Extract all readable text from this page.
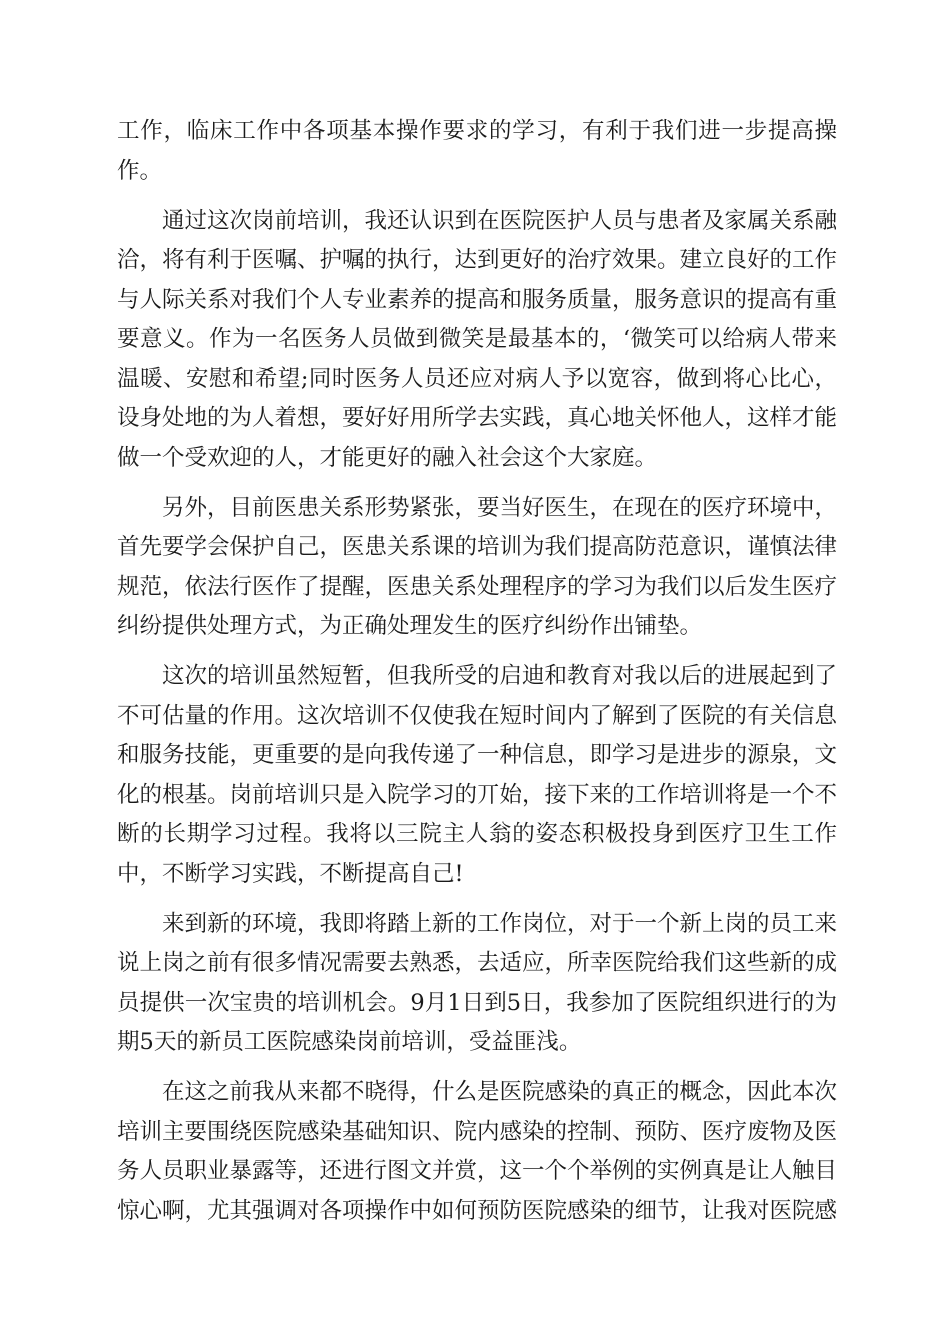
工作，临床工作中各项基本操作要求的学习，有利于我们进一步提高操作。

通过这次岗前培训，我还认识到在医院医护人员与患者及家属关系融洽，将有利于医嘱、护嘱的执行，达到更好的治疗效果。建立良好的工作与人际关系对我们个人专业素养的提高和服务质量，服务意识的提高有重要意义。作为一名医务人员做到微笑是最基本的，‘微笑可以给病人带来温暖、安慰和希望;同时医务人员还应对病人予以宽容，做到将心比心，设身处地的为人着想，要好好用所学去实践，真心地关怀他人，这样才能做一个受欢迎的人，才能更好的融入社会这个大家庭。

另外，目前医患关系形势紧张，要当好医生，在现在的医疗环境中，首先要学会保护自己，医患关系课的培训为我们提高防范意识，谨慎法律规范，依法行医作了提醒，医患关系处理程序的学习为我们以后发生医疗纠纷提供处理方式，为正确处理发生的医疗纠纷作出铺垫。

这次的培训虽然短暂，但我所受的启迪和教育对我以后的进展起到了不可估量的作用。这次培训不仅使我在短时间内了解到了医院的有关信息和服务技能，更重要的是向我传递了一种信息，即学习是进步的源泉，文化的根基。岗前培训只是入院学习的丌始，接下来的工作培训将是一个不断的长期学习过程。我将以三院主人翁的姿态积极投身到医疗卫生工作中，不断学习实践，不断提高自己!

来到新的环境，我即将踏上新的工作岗位，对于一个新上岗的员工来说上岗之前有很多情况需要去熟悉，去适应，所幸医院给我们这些新的成员提供一次宝贵的培训机会。9月1日到5日，我参加了医院组织进行的为期5天的新员工医院感染岗前培训，受益匪浅。

在这之前我从来都不晓得，什么是医院感染的真正的概念，因此本次培训主要围绕医院感染基础知识、院内感染的控制、预防、医疗废物及医务人员职业暴露等，还进行图文并赏，这一个个举例的实例真是让人触目惊心啊，尤其强调对各项操作中如何预防医院感染的细节，让我对医院感
